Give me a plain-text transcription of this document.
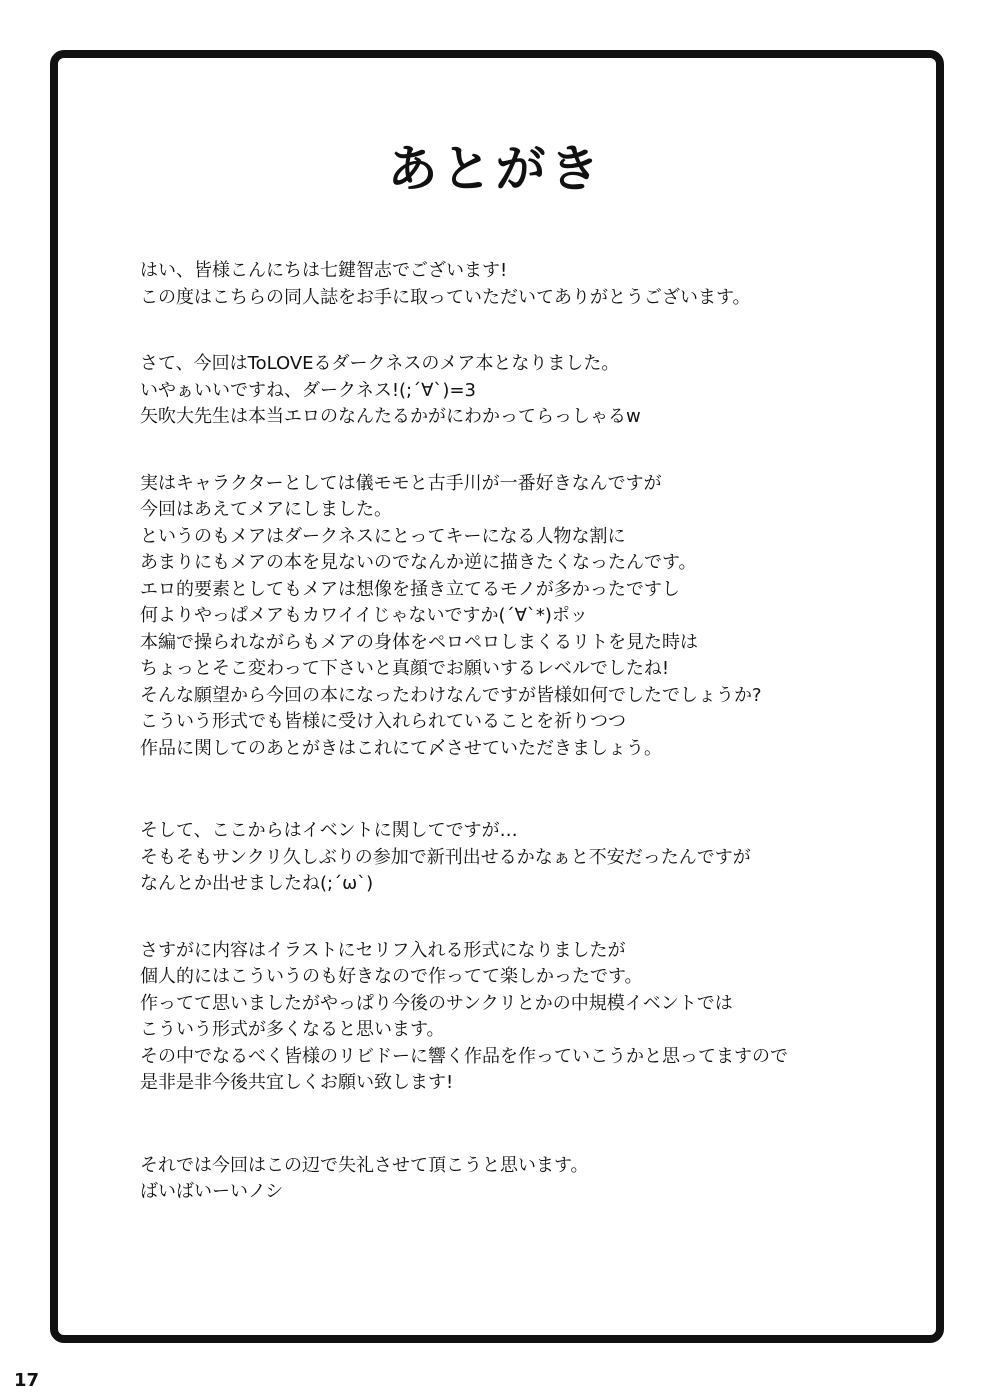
あとがき
はい、皆様こんにちは七鍵智志でございます!
この度はこちらの同人誌をお手に取っていただいてありがとうございます。
さて、今回はToLOVEるダークネスのメア本となりました。
いやぁいいですね、ダークネス!(;´∀`)=3
矢吹大先生は本当エロのなんたるかがにわかってらっしゃるw
実はキャラクターとしては儀モモと古手川が一番好きなんですが
今回はあえてメアにしました。
というのもメアはダークネスにとってキーになる人物な割に
あまりにもメアの本を見ないのでなんか逆に描きたくなったんです。
エロ的要素としてもメアは想像を掻き立てるモノが多かったですし
何よりやっぱメアもカワイイじゃないですか(´∀`*)ポッ
本編で操られながらもメアの身体をペロペロしまくるリトを見た時は
ちょっとそこ変わって下さいと真顔でお願いするレベルでしたね!
そんな願望から今回の本になったわけなんですが皆様如何でしたでしょうか?
こういう形式でも皆様に受け入れられていることを祈りつつ
作品に関してのあとがきはこれにて〆させていただきましょう。
そして、ここからはイベントに関してですが…
そもそもサンクリ久しぶりの参加で新刊出せるかなぁと不安だったんですが
なんとか出せましたね(;´ω`)
さすがに内容はイラストにセリフ入れる形式になりましたが
個人的にはこういうのも好きなので作ってて楽しかったです。
作ってて思いましたがやっぱり今後のサンクリとかの中規模イベントでは
こういう形式が多くなると思います。
その中でなるべく皆様のリビドーに響く作品を作っていこうかと思ってますので
是非是非今後共宜しくお願い致します!
それでは今回はこの辺で失礼させて頂こうと思います。
ばいばいーいノシ
17
